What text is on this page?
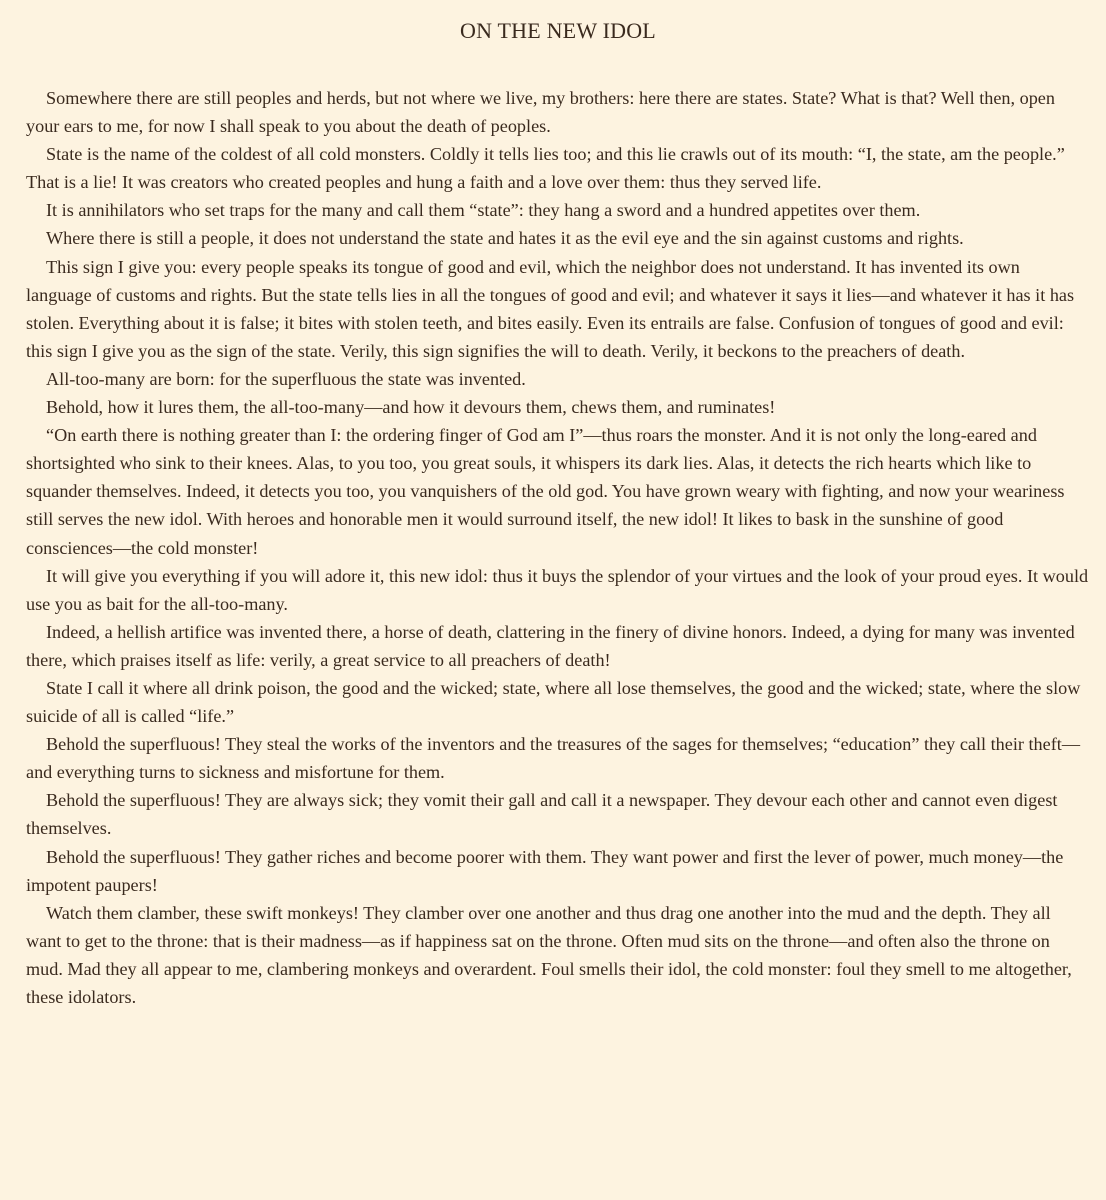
ON THE NEW IDOL

Somewhere there are still peoples and herds, but not where we live, my brothers: here there are states. State? What is that? Well then, open your ears to me, for now I shall speak to you about the death of peoples.

State is the name of the coldest of all cold monsters. Coldly it tells lies too; and this lie crawls out of its mouth: “I, the state, am the people.” That is a lie! It was creators who created peoples and hung a faith and a love over them: thus they served life.

It is annihilators who set traps for the many and call them “state”: they hang a sword and a hundred appetites over them.

Where there is still a people, it does not understand the state and hates it as the evil eye and the sin against customs and rights.

This sign I give you: every people speaks its tongue of good and evil, which the neighbor does not understand. It has invented its own language of customs and rights. But the state tells lies in all the tongues of good and evil; and whatever it says it lies—and whatever it has it has stolen. Everything about it is false; it bites with stolen teeth, and bites easily. Even its entrails are false. Confusion of tongues of good and evil: this sign I give you as the sign of the state. Verily, this sign signifies the will to death. Verily, it beckons to the preachers of death.

All-too-many are born: for the superfluous the state was invented.

Behold, how it lures them, the all-too-many—and how it devours them, chews them, and ruminates!

“On earth there is nothing greater than I: the ordering finger of God am I”—thus roars the monster. And it is not only the long-eared and shortsighted who sink to their knees. Alas, to you too, you great souls, it whispers its dark lies. Alas, it detects the rich hearts which like to squander themselves. Indeed, it detects you too, you vanquishers of the old god. You have grown weary with fighting, and now your weariness still serves the new idol. With heroes and honorable men it would surround itself, the new idol! It likes to bask in the sunshine of good consciences—the cold monster!

It will give you everything if you will adore it, this new idol: thus it buys the splendor of your virtues and the look of your proud eyes. It would use you as bait for the all-too-many.

Indeed, a hellish artifice was invented there, a horse of death, clattering in the finery of divine honors. Indeed, a dying for many was invented there, which praises itself as life: verily, a great service to all preachers of death!

State I call it where all drink poison, the good and the wicked; state, where all lose themselves, the good and the wicked; state, where the slow suicide of all is called “life.”

Behold the superfluous! They steal the works of the inventors and the treasures of the sages for themselves; “education” they call their theft—and everything turns to sickness and misfortune for them.

Behold the superfluous! They are always sick; they vomit their gall and call it a newspaper. They devour each other and cannot even digest themselves.

Behold the superfluous! They gather riches and become poorer with them. They want power and first the lever of power, much money—the impotent paupers!

Watch them clamber, these swift monkeys! They clamber over one another and thus drag one another into the mud and the depth. They all want to get to the throne: that is their madness—as if happiness sat on the throne. Often mud sits on the throne—and often also the throne on mud. Mad they all appear to me, clambering monkeys and overardent. Foul smells their idol, the cold monster: foul they smell to me altogether, these idolators.
